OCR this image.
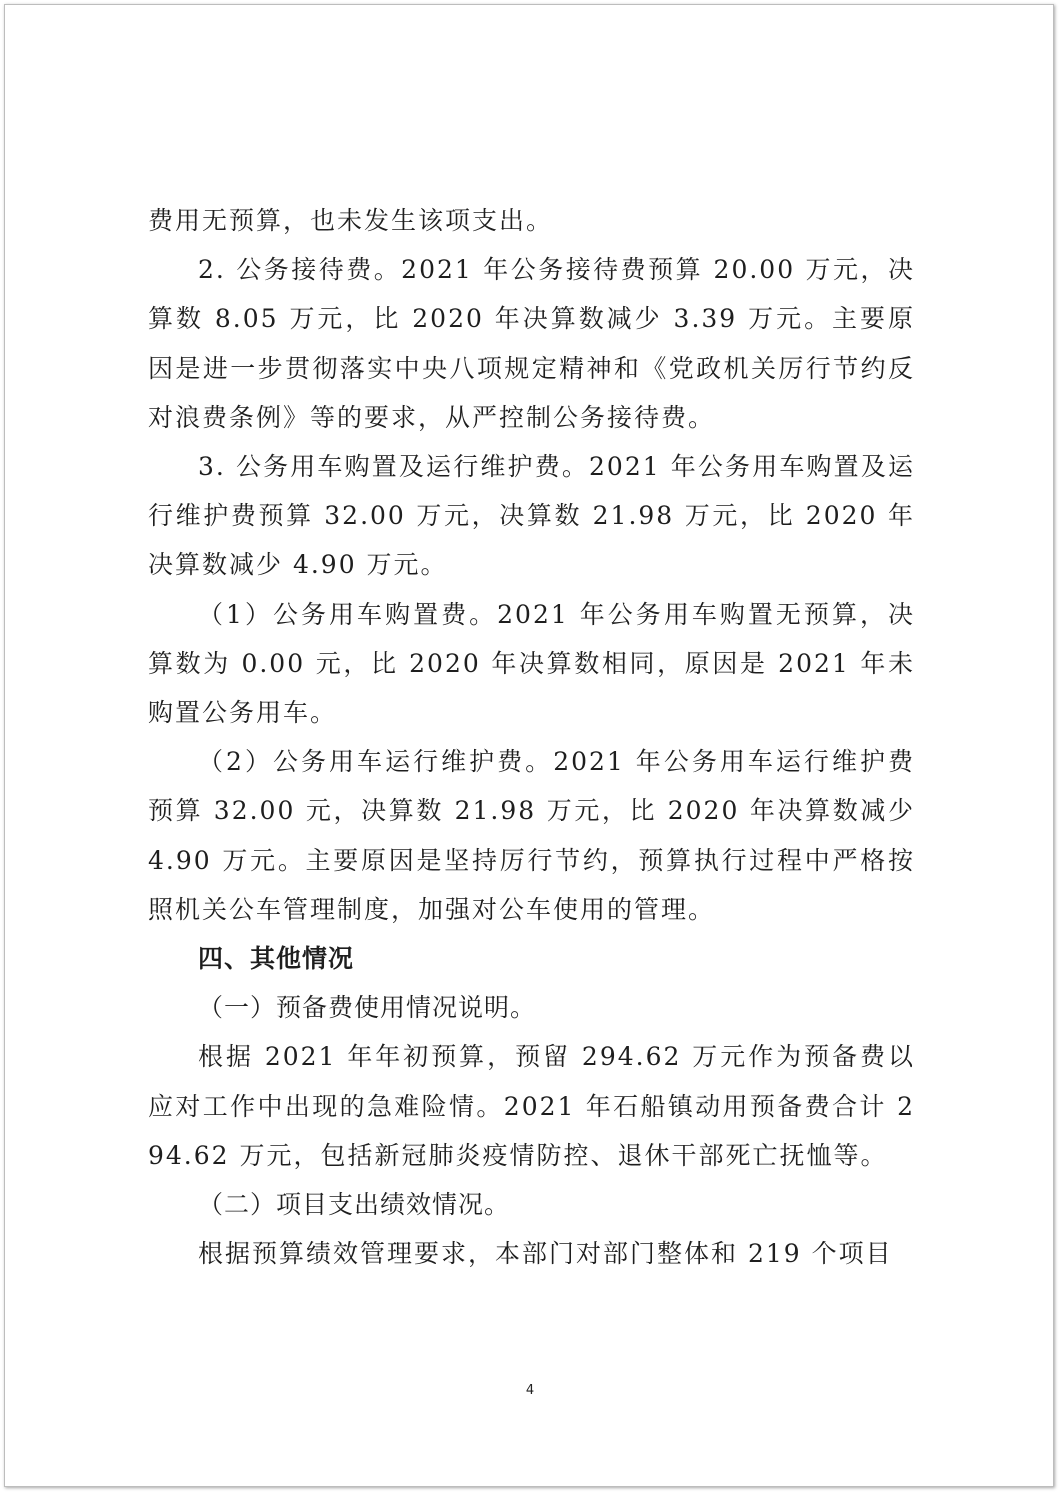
费用无预算，也未发生该项支出。

2. 公务接待费。2021 年公务接待费预算 20.00 万元，决算数 8.05 万元，比 2020 年决算数减少 3.39 万元。主要原因是进一步贯彻落实中央八项规定精神和《党政机关厉行节约反对浪费条例》等的要求，从严控制公务接待费。

3. 公务用车购置及运行维护费。2021 年公务用车购置及运行维护费预算 32.00 万元，决算数 21.98 万元，比 2020 年决算数减少 4.90 万元。

（1）公务用车购置费。2021 年公务用车购置无预算，决算数为 0.00 元，比 2020 年决算数相同，原因是 2021 年未购置公务用车。

（2）公务用车运行维护费。2021 年公务用车运行维护费预算 32.00 元，决算数 21.98 万元，比 2020 年决算数减少 4.90 万元。主要原因是坚持厉行节约，预算执行过程中严格按照机关公车管理制度，加强对公车使用的管理。

四、其他情况

（一）预备费使用情况说明。

根据 2021 年年初预算，预留 294.62 万元作为预备费以应对工作中出现的急难险情。2021 年石船镇动用预备费合计 294.62 万元，包括新冠肺炎疫情防控、退休干部死亡抚恤等。

（二）项目支出绩效情况。

根据预算绩效管理要求，本部门对部门整体和 219 个项目

4
